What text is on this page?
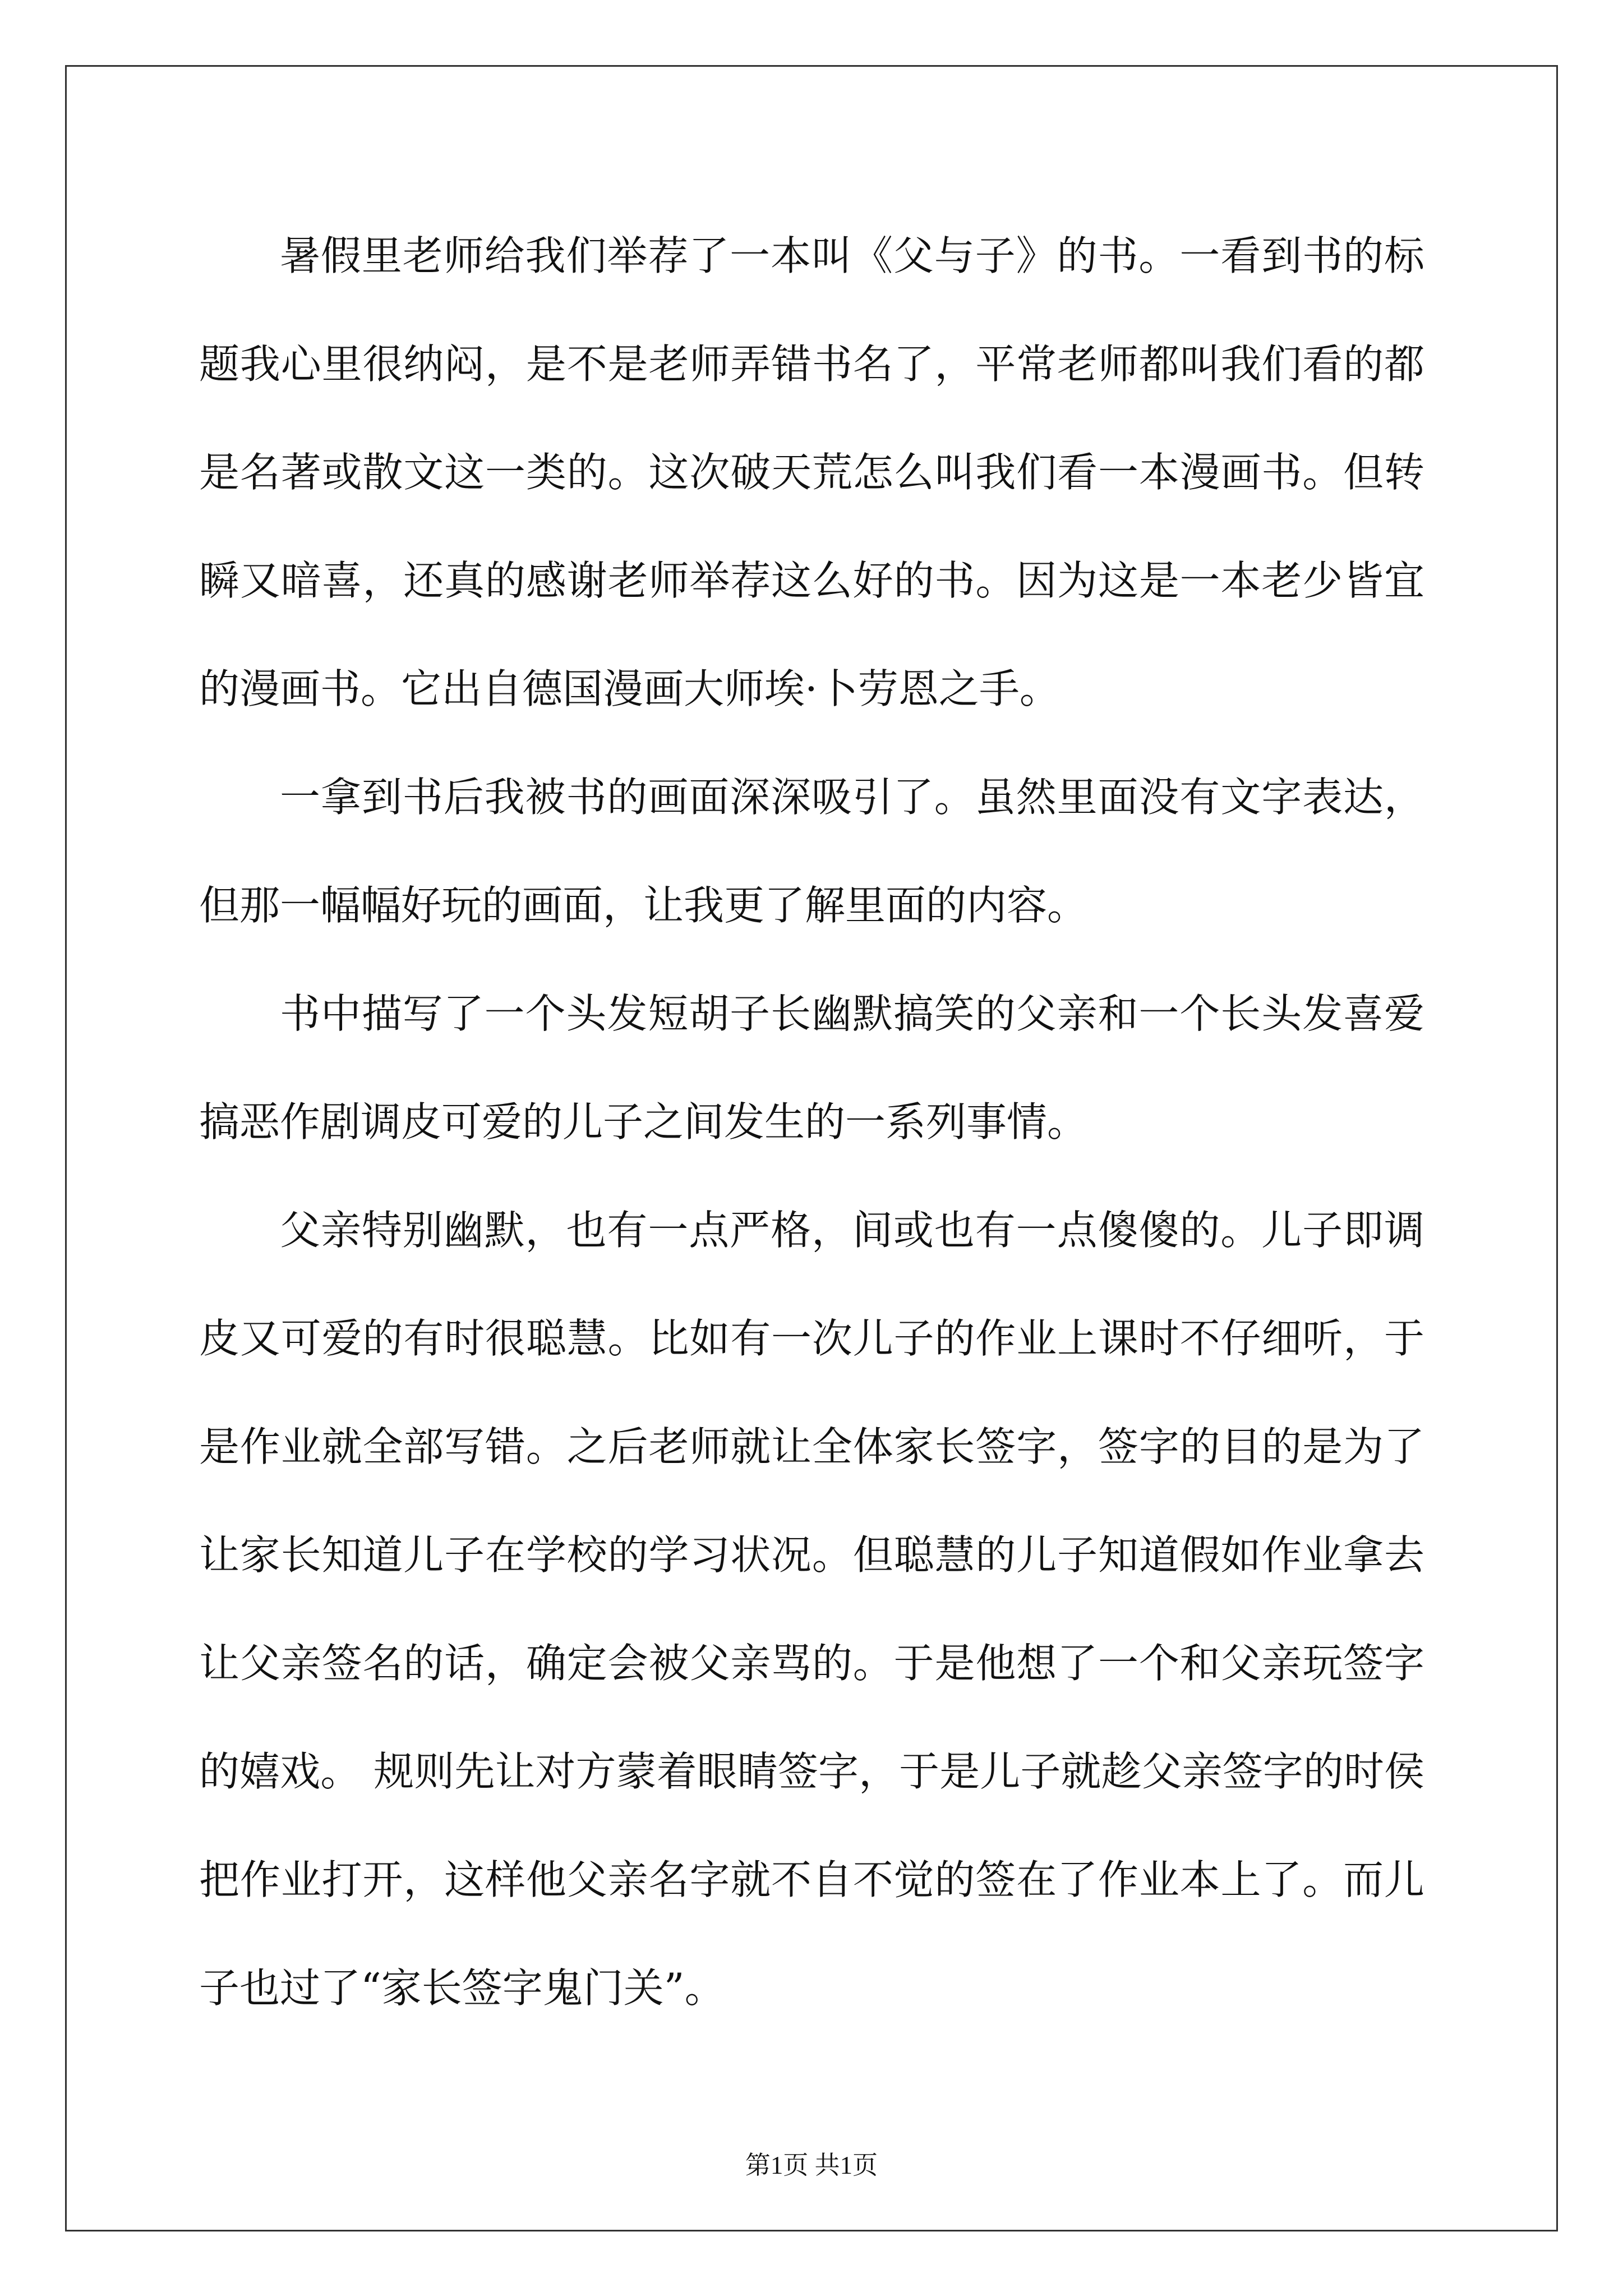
暑假里老师给我们举荐了一本叫《父与子》的书。一看到书的标题我心里很纳闷，是不是老师弄错书名了，平常老师都叫我们看的都是名著或散文这一类的。这次破天荒怎么叫我们看一本漫画书。但转瞬又暗喜，还真的感谢老师举荐这么好的书。因为这是一本老少皆宜的漫画书。它出自德国漫画大师埃·卜劳恩之手。

一拿到书后我被书的画面深深吸引了。虽然里面没有文字表达，但那一幅幅好玩的画面，让我更了解里面的内容。

书中描写了一个头发短胡子长幽默搞笑的父亲和一个长头发喜爱搞恶作剧调皮可爱的儿子之间发生的一系列事情。

父亲特别幽默，也有一点严格，间或也有一点傻傻的。儿子即调皮又可爱的有时很聪慧。比如有一次儿子的作业上课时不仔细听，于是作业就全部写错。之后老师就让全体家长签字，签字的目的是为了让家长知道儿子在学校的学习状况。但聪慧的儿子知道假如作业拿去让父亲签名的话，确定会被父亲骂的。于是他想了一个和父亲玩签字的嬉戏。 规则先让对方蒙着眼睛签字，于是儿子就趁父亲签字的时侯把作业打开，这样他父亲名字就不自不觉的签在了作业本上了。而儿子也过了“家长签字鬼门关”。

第1页 共1页
